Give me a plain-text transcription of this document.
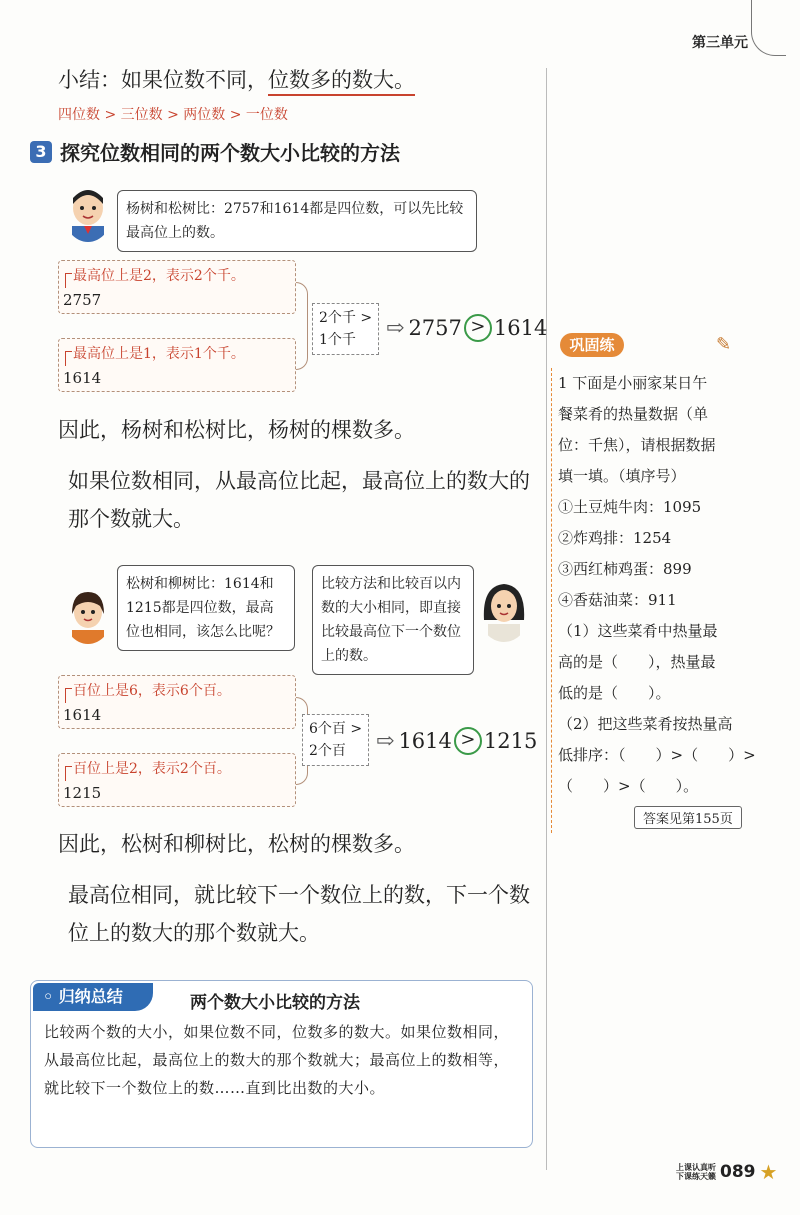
第三单元
小结：如果位数不同，位数多的数大。
四位数 > 三位数 > 两位数 > 一位数
3 探究位数相同的两个数大小比较的方法
杨树和松树比：2757和1614都是四位数，可以先比较最高位上的数。
最高位上是2，表示2个千。
2757
最高位上是1，表示1个千。
1614
2个千 >
1个千	⇨ 2757 > 1614
因此，杨树和松树比，杨树的棵数多。
如果位数相同，从最高位比起，最高位上的数大的那个数就大。
松树和柳树比：1614和1215都是四位数，最高位也相同，该怎么比呢？
比较方法和比较百以内数的大小相同，即直接比较最高位下一个数位上的数。
百位上是6，表示6个百。
1614
百位上是2，表示2个百。
1215
6个百 >
2个百	⇨ 1614 > 1215
因此，松树和柳树比，松树的棵数多。
最高位相同，就比较下一个数位上的数，下一个数位上的数大的那个数就大。
◦ 归纳总结	两个数大小比较的方法
比较两个数的大小，如果位数不同，位数多的数大。如果位数相同，从最高位比起，最高位上的数大的那个数就大；最高位上的数相等，就比较下一个数位上的数……直到比出数的大小。
巩固练	✎
1 下面是小丽家某日午
餐菜肴的热量数据（单
位：千焦），请根据数据
填一填。（填序号）
①土豆炖牛肉：1095
②炸鸡排：1254
③西红柿鸡蛋：899
④香菇油菜：911
（1）这些菜肴中热量最
高的是（　　），热量最
低的是（　　）。
（2）把这些菜肴按热量高
低排序：（　　）>（　　）>
（　　）>（　　）。
答案见第155页
上课认真听
下课练天籁 089 ★
